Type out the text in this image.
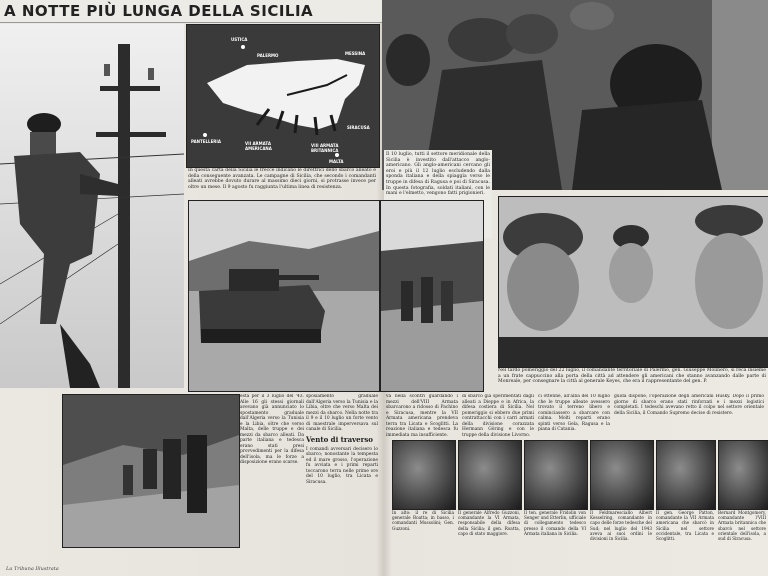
A NOTTE PIÙ LUNGA DELLA SICILIA
USTICA
PALERMO	MESSINA
PANTELLERIA	VII ARMATA AMERICANA
VIII ARMATA BRITANNICA
SIRACUSA
MALTA
In questa carta della Sicilia le frecce indicano le direttrici dello sbarco alleato e della conseguente avanzata. Le campagne di Sicilia, che secondo i comandanti alleati avrebbe dovuto durare al massimo dieci giorni, si protrasse invece per oltre un mese. Il 9 agosto fu raggiunta l'ultima linea di resistenza.
esta per il 3 luglio del '43. Alle 16 gli stessi giornali avevano già annunciato lo spostamento graduale dall'Algeria verso la Tunisia e la Libia, oltre che verso Malta, delle truppe e dei mezzi da sbarco alleati. Da parte italiana e tedesca erano stati presi provvedimenti per la difesa dell'isola, ma le forze a disposizione erano scarse.
sposiamento graduale dall'Algeria verso la Tunisia e la Libia, oltre che verso Malta dei mezzi da sbarco. Nella notte tra il 9 e il 10 luglio un forte vento di maestrale imperversava sul canale di Sicilia.
Vento di traverso
I comandi avversari decisero lo sbarco; nonostante la tempesta ed il mare grosso, l'operazione fu avviata e i primi reparti toccarono terra nelle prime ore del 10 luglio, tra Licata e Siracusa.
Il 10 luglio, tutti il settore meridionale della Sicilia è investito dall'attacco anglo-americano. Gli anglo-americani cercano gli eroi e più il 12 luglio escludendo dalla sponda italiana e della spiaggia verso le truppe in difesa di Ragusa e poi di Siracusa. In questa fotografia, soldati italiani, con le mani e l'elmetto, vengono fatti prigionieri.
Nel tardo pomeriggio del 22 luglio, il comandante territoriale di Palermo, gen. Giuseppe Molinero, si reca insieme a un frate cappuccino alla porta della città ad attendere gli americani che stanno avanzando dalle parte di Monreale, per consegnare la città al generale Keyes, che era il rappresentante del gen. P.
va nella scontri guardando i mezzi dell'VIII Armata sbarcarono a ridosso di Pachino e Siracusa, mentre la VII Armata americana prendeva terra tra Licata e Scoglitti. La reazione italiana e tedesca fu immediata ma insufficiente.
di sbarco già sperimentati dagli alleati a Dieppe e in Africa, la difesa costiera di Sicilia. Nel pomeriggio si ebbero due primi contrattacchi con i carri armati della divisione corazzata Hermann Göring e con le truppe della divisione Livorno.
ci ottenne, all'alba del 10 luglio che le truppe alleate avessero trovato il terreno libero e cominciassero a sbarcare con calma. Molti reparti erano spinti verso Gela, Ragusa e la piana di Catania.
guida dispone, l'operazione degli americani Husky. Dopo il primo giorno di sbarco erano stati rinforzati e i mezzi logistici completati. I tedeschi avevano retto il colpo nel settore orientale della Sicilia, il Comando Supremo decise di resistere.
In alto: il re di Sicilia generale Roatta; in basso, i comandanti Mussolini; Gen. Guzzoni.
Il generale Alfredo Guzzoni, comandante la VI Armata, responsabile della difesa della Sicilia; il gen. Roatta, capo di stato maggiore.
Il ten. generale Fridolin von Senger und Etterlin, ufficiale di collegamento tedesco presso il comando della VI Armata italiana in Sicilia.
Il Feldmaresciallo Albert Kesselring, comandante in capo delle forze tedesche del Sud; nel luglio del 1943 aveva ai suoi ordini le divisioni in Sicilia.
Il gen. George Patton, comandante la VII Armata americana che sbarcò in Sicilia nel settore occidentale, tra Licata e Scoglitti.
Bernard Montgomery, comandante l'VIII Armata britannica che sbarcò nel settore orientale dell'isola, a sud di Siracusa.
La Tribuna Illustrata
